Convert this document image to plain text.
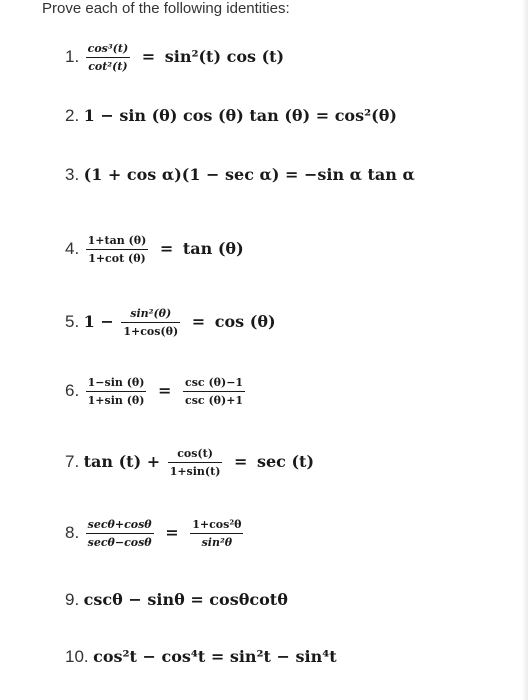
Prove each of the following identities:
1. $\frac{\text{cos³(t)}}{\text{cot²(t)}} = \sin^2(t)$ cos (t)
2. 1 − sin (θ) cos (θ) tan (θ) = cos²(θ)
3. (1 + cos α)(1 − sec α) = −sin α tan α
4. $\frac{1+\tan (\theta)}{1+\cot (\theta)} = \tan (\theta)$
5. $1 - \frac{\text{sin²(θ)}}{1+\cos(\theta)} = \cos (\theta)$
6. $\frac{1-\sin (\theta)}{1+\sin (\theta)} = \frac{\csc (\theta)-1}{\csc (\theta)+1}$
7. $\tan (t) + \frac{\cos(t)}{1+\sin(t)} = \sec (t)$
8. $\frac{\sec\theta+\cos\theta}{\sec\theta-\cos\theta} = \frac{\text{1+cos²θ}}{\text{sin²θ}}$
9. cscθ − sinθ = cosθcotθ
10. cos²t − cos⁴t = sin²t − sin⁴t
